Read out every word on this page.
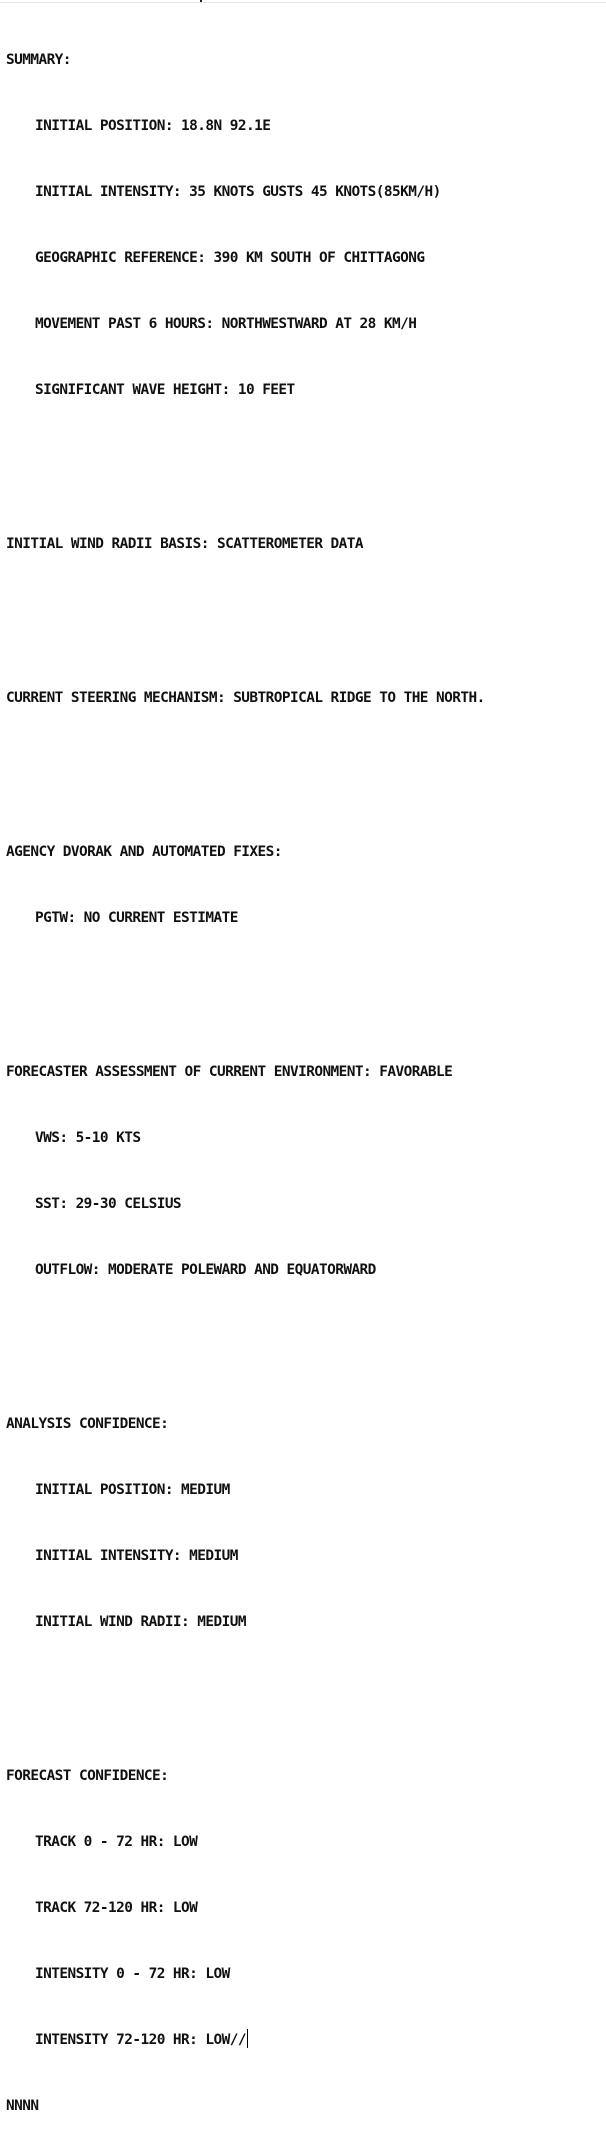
SUMMARY:

INITIAL POSITION: 18.8N 92.1E

INITIAL INTENSITY: 35 KNOTS GUSTS 45 KNOTS(85KM/H)

GEOGRAPHIC REFERENCE: 390 KM SOUTH OF CHITTAGONG

MOVEMENT PAST 6 HOURS: NORTHWESTWARD AT 28 KM/H

SIGNIFICANT WAVE HEIGHT: 10 FEET

INITIAL WIND RADII BASIS: SCATTEROMETER DATA

CURRENT STEERING MECHANISM: SUBTROPICAL RIDGE TO THE NORTH.

AGENCY DVORAK AND AUTOMATED FIXES:

PGTW: NO CURRENT ESTIMATE

FORECASTER ASSESSMENT OF CURRENT ENVIRONMENT: FAVORABLE

VWS: 5-10 KTS

SST: 29-30 CELSIUS

OUTFLOW: MODERATE POLEWARD AND EQUATORWARD

ANALYSIS CONFIDENCE:

INITIAL POSITION: MEDIUM

INITIAL INTENSITY: MEDIUM

INITIAL WIND RADII: MEDIUM

FORECAST CONFIDENCE:

TRACK 0 - 72 HR: LOW

TRACK 72-120 HR: LOW

INTENSITY 0 - 72 HR: LOW

INTENSITY 72-120 HR: LOW//

NNNN
